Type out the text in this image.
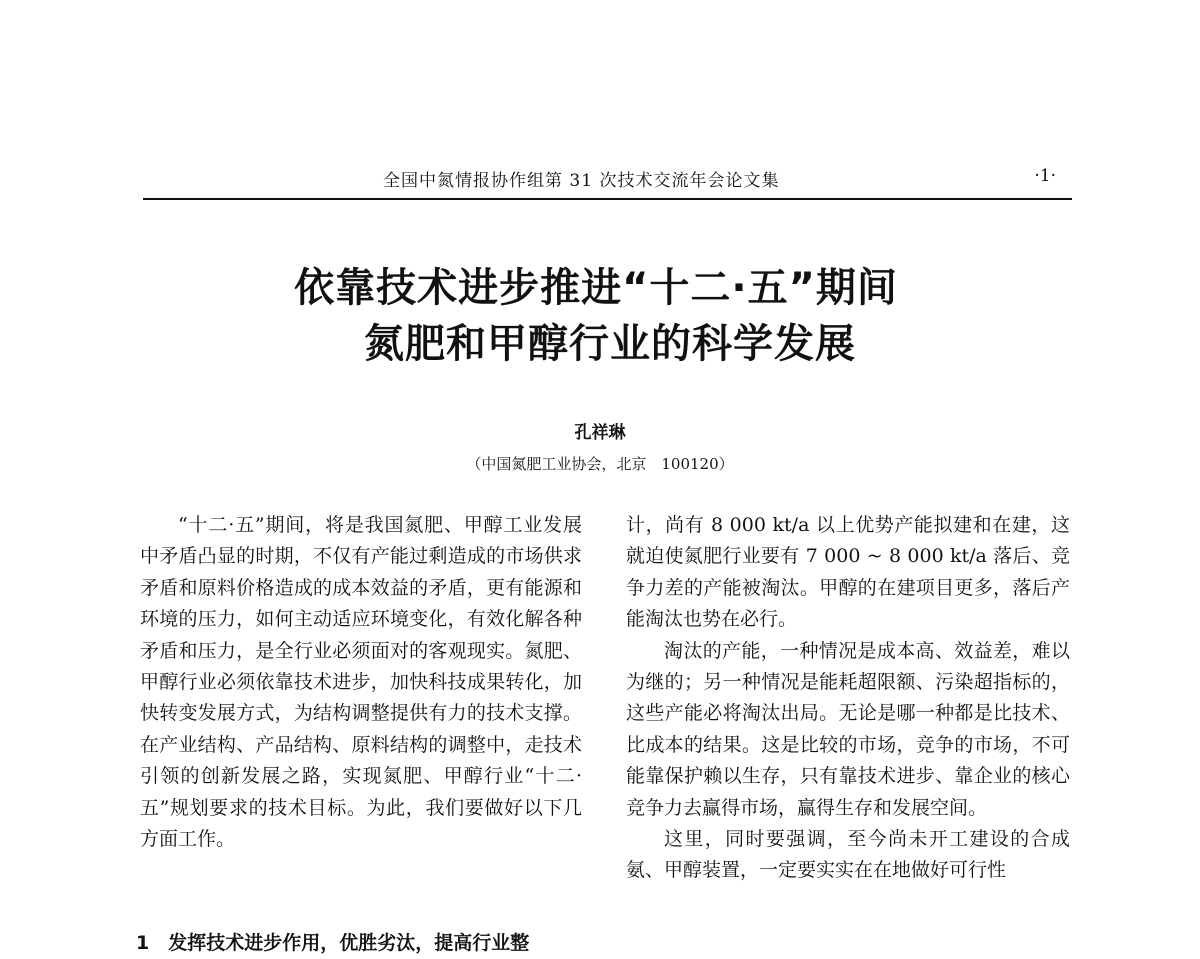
全国中氮情报协作组第 31 次技术交流年会论文集	·1·
依靠技术进步推进“十二·五”期间
氮肥和甲醇行业的科学发展
孔祥琳
（中国氮肥工业协会，北京　100120）

“十二·五”期间，将是我国氮肥、甲醇工业发展中矛盾凸显的时期，不仅有产能过剩造成的市场供求矛盾和原料价格造成的成本效益的矛盾，更有能源和环境的压力，如何主动适应环境变化，有效化解各种矛盾和压力，是全行业必须面对的客观现实。氮肥、甲醇行业必须依靠技术进步，加快科技成果转化，加快转变发展方式，为结构调整提供有力的技术支撑。在产业结构、产品结构、原料结构的调整中，走技术引领的创新发展之路，实现氮肥、甲醇行业“十二·五”规划要求的技术目标。为此，我们要做好以下几方面工作。

1　发挥技术进步作用，优胜劣汰，提高行业整

计，尚有 8 000 kt/a 以上优势产能拟建和在建，这就迫使氮肥行业要有 7 000 ~ 8 000 kt/a 落后、竞争力差的产能被淘汰。甲醇的在建项目更多，落后产能淘汰也势在必行。

淘汰的产能，一种情况是成本高、效益差，难以为继的；另一种情况是能耗超限额、污染超指标的，这些产能必将淘汰出局。无论是哪一种都是比技术、比成本的结果。这是比较的市场，竞争的市场，不可能靠保护赖以生存，只有靠技术进步、靠企业的核心竞争力去赢得市场，赢得生存和发展空间。

这里，同时要强调，至今尚未开工建设的合成氨、甲醇装置，一定要实实在在地做好可行性
